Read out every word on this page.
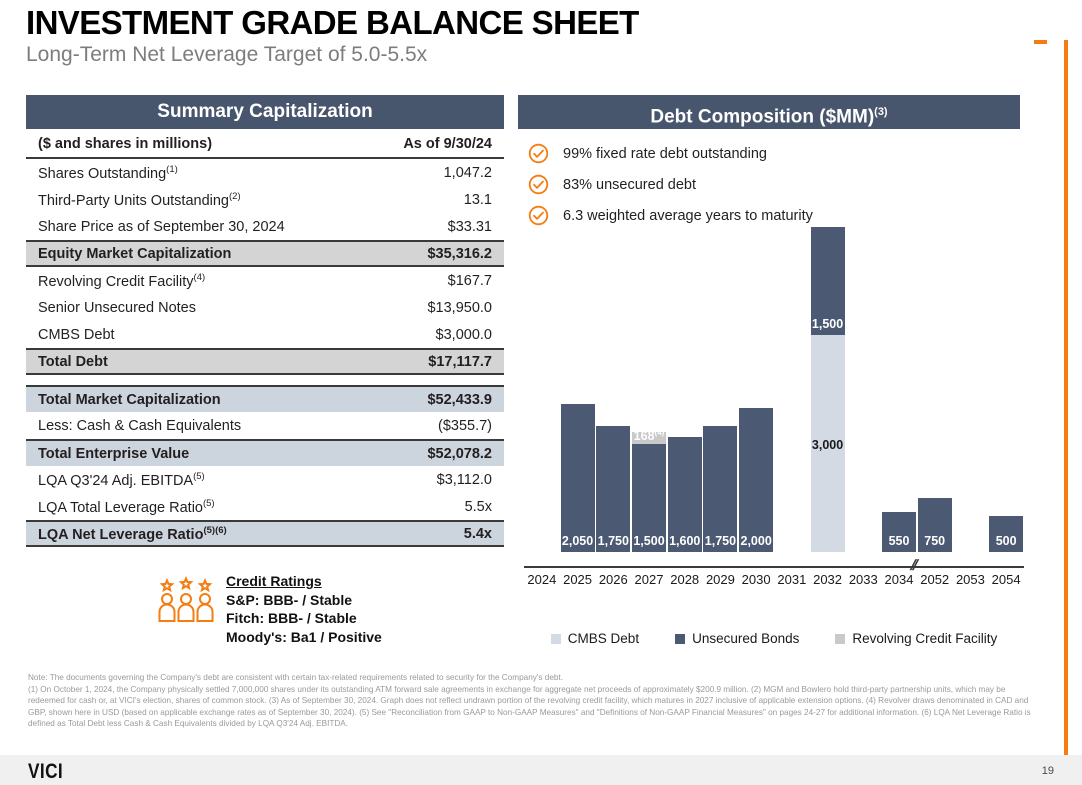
INVESTMENT GRADE BALANCE SHEET
Long-Term Net Leverage Target of 5.0-5.5x
Summary Capitalization
($ and shares in millions)	As of 9/30/24
Shares Outstanding$^{(1)}$	1,047.2
Third-Party Units Outstanding$^{(2)}$	13.1
Share Price as of September 30, 2024	$33.31
Equity Market Capitalization	$35,316.2
Revolving Credit Facility$^{(4)}$	$167.7
Senior Unsecured Notes	$13,950.0
CMBS Debt	$3,000.0
Total Debt	$17,117.7
Total Market Capitalization	$52,433.9
Less: Cash & Cash Equivalents	($355.7)
Total Enterprise Value	$52,078.2
LQA Q3'24 Adj. EBITDA$^{(5)}$	$3,112.0
LQA Total Leverage Ratio$^{(5)}$	5.5x
LQA Net Leverage Ratio$^{(5)(6)}$	5.4x
Credit Ratings
S&P: BBB- / Stable
Fitch: BBB- / Stable
Moody's: Ba1 / Positive
Debt Composition ($MM)$^{(3)}$
99% fixed rate debt outstanding
83% unsecured debt
6.3 weighted average years to maturity
2,050 1,750
168$^{(4)}$
1,500 1,600 1,750 2,000
1,500
3,000
550	750	500
2024 2025 2026 2027 2028 2029 2030 2031 2032 2033 2034 2052 2053 2054
//
CMBS Debt	Unsecured Bonds	Revolving Credit Facility

Note: The documents governing the Company's debt are consistent with certain tax-related requirements related to security for the Company's debt.

(1) On October 1, 2024, the Company physically settled 7,000,000 shares under its outstanding ATM forward sale agreements in exchange for aggregate net proceeds of approximately $200.9 million. (2) MGM and Bowlero hold third-party partnership units, which may be redeemed for cash or, at VICI's election, shares of common stock. (3) As of September 30, 2024. Graph does not reflect undrawn portion of the revolving credit facility, which matures in 2027 inclusive of applicable extension options. (4) Revolver draws denominated in CAD and GBP, shown here in USD (based on applicable exchange rates as of September 30, 2024). (5) See "Reconciliation from GAAP to Non-GAAP Measures" and "Definitions of Non-GAAP Financial Measures" on pages 24-27 for additional information. (6) LQA Net Leverage Ratio is defined as Total Debt less Cash & Cash Equivalents divided by LQA Q3'24 Adj. EBITDA.

VICI	19
